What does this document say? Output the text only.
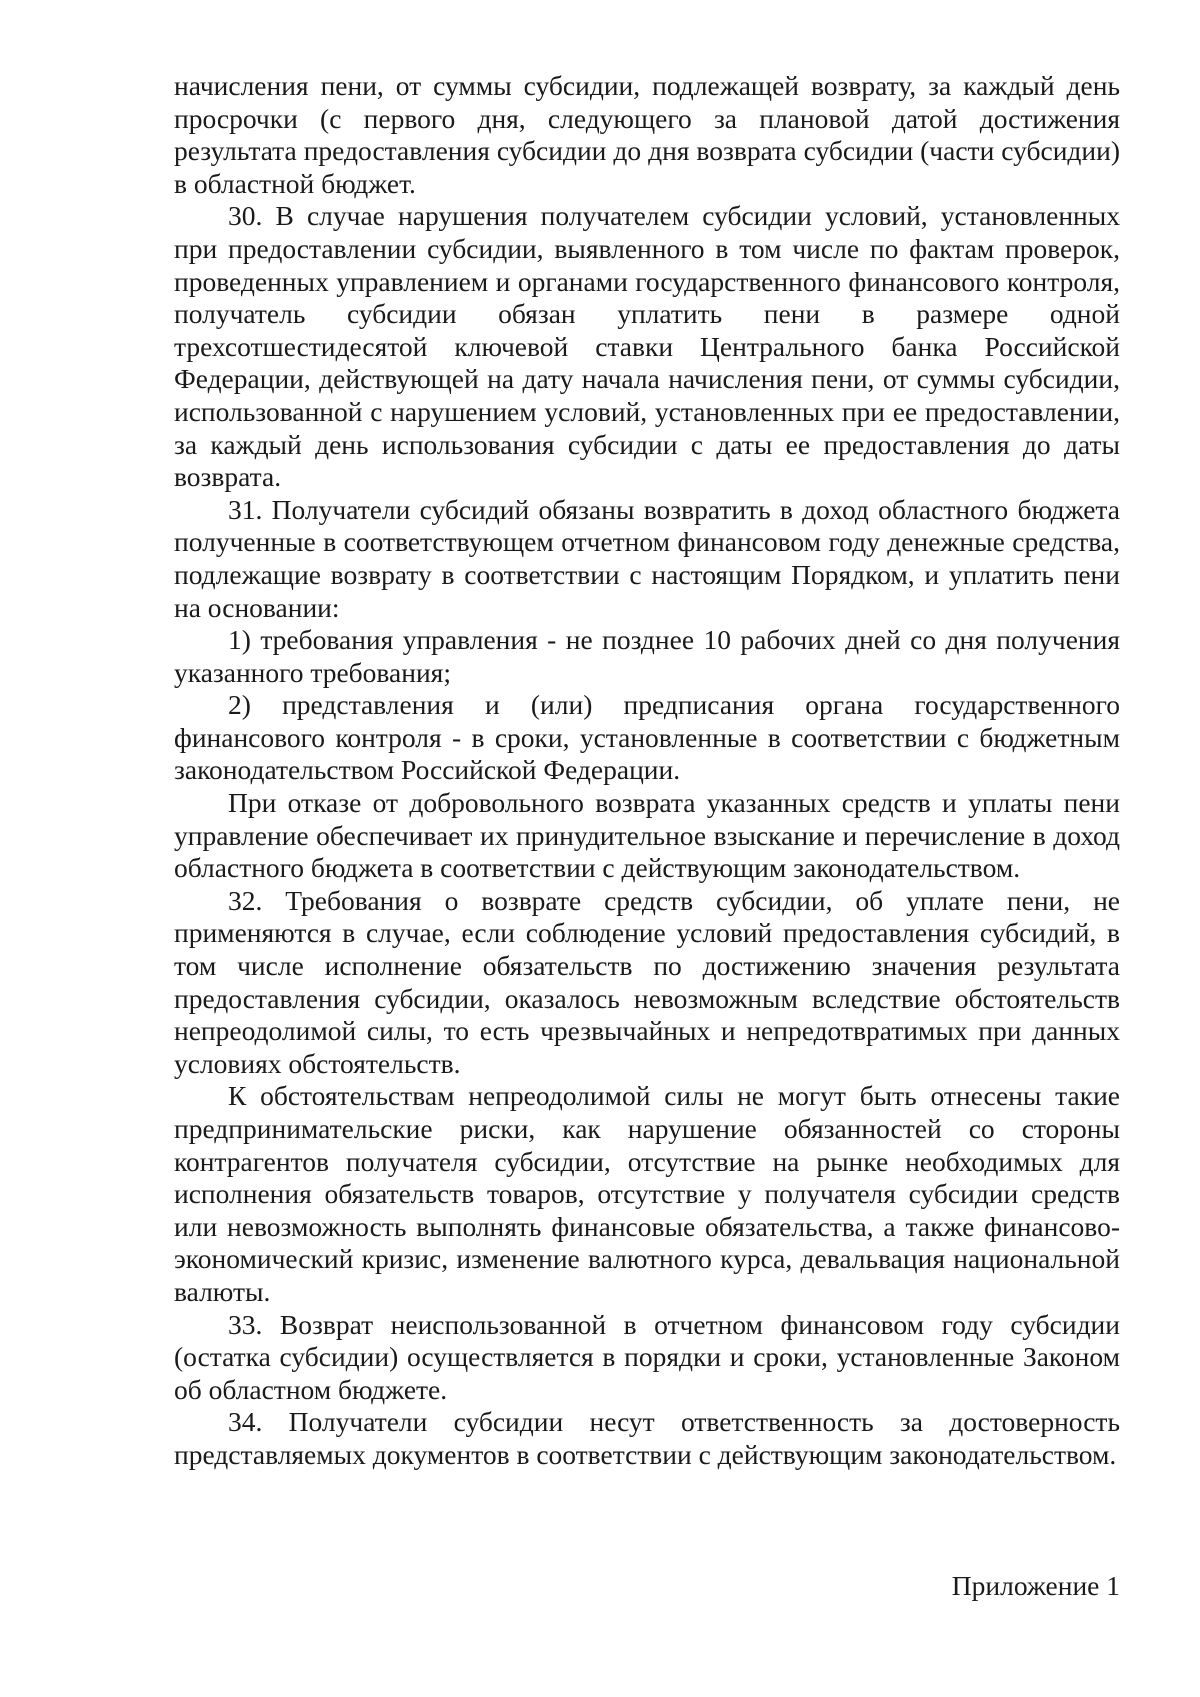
начисления пени, от суммы субсидии, подлежащей возврату, за каждый день просрочки (с первого дня, следующего за плановой датой достижения результата предоставления субсидии до дня возврата субсидии (части субсидии) в областной бюджет.

30. В случае нарушения получателем субсидии условий, установленных при предоставлении субсидии, выявленного в том числе по фактам проверок, проведенных управлением и органами государственного финансового контроля, получатель субсидии обязан уплатить пени в размере одной трехсотшестидесятой ключевой ставки Центрального банка Российской Федерации, действующей на дату начала начисления пени, от суммы субсидии, использованной с нарушением условий, установленных при ее предоставлении, за каждый день использования субсидии с даты ее предоставления до даты возврата.

31. Получатели субсидий обязаны возвратить в доход областного бюджета полученные в соответствующем отчетном финансовом году денежные средства, подлежащие возврату в соответствии с настоящим Порядком, и уплатить пени на основании:

1) требования управления - не позднее 10 рабочих дней со дня получения указанного требования;

2) представления и (или) предписания органа государственного финансового контроля - в сроки, установленные в соответствии с бюджетным законодательством Российской Федерации.

При отказе от добровольного возврата указанных средств и уплаты пени управление обеспечивает их принудительное взыскание и перечисление в доход областного бюджета в соответствии с действующим законодательством.

32. Требования о возврате средств субсидии, об уплате пени, не применяются в случае, если соблюдение условий предоставления субсидий, в том числе исполнение обязательств по достижению значения результата предоставления субсидии, оказалось невозможным вследствие обстоятельств непреодолимой силы, то есть чрезвычайных и непредотвратимых при данных условиях обстоятельств.

К обстоятельствам непреодолимой силы не могут быть отнесены такие предпринимательские риски, как нарушение обязанностей со стороны контрагентов получателя субсидии, отсутствие на рынке необходимых для исполнения обязательств товаров, отсутствие у получателя субсидии средств или невозможность выполнять финансовые обязательства, а также финансово-экономический кризис, изменение валютного курса, девальвация национальной валюты.

33. Возврат неиспользованной в отчетном финансовом году субсидии (остатка субсидии) осуществляется в порядки и сроки, установленные Законом об областном бюджете.

34. Получатели субсидии несут ответственность за достоверность представляемых документов в соответствии с действующим законодательством.

Приложение 1
